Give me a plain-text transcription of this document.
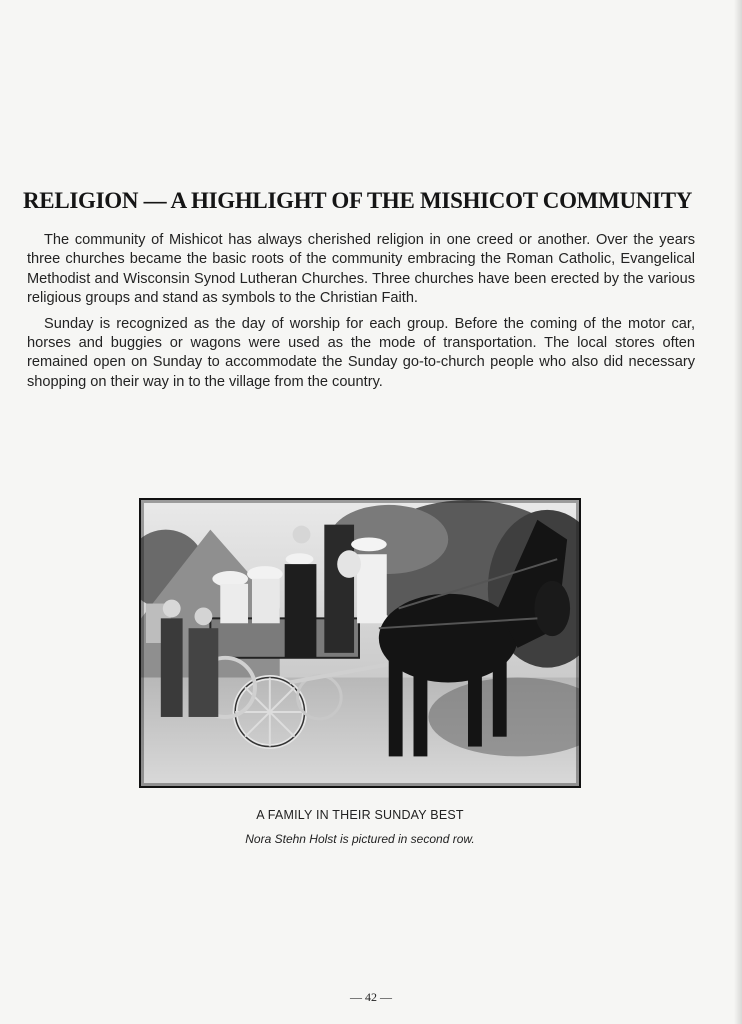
RELIGION — A HIGHLIGHT OF THE MISHICOT COMMUNITY

The community of Mishicot has always cherished religion in one creed or another. Over the years three churches became the basic roots of the community embracing the Roman Catholic, Evangelical Methodist and Wisconsin Synod Lutheran Churches. Three churches have been erected by the various religious groups and stand as symbols to the Christian Faith.

Sunday is recognized as the day of worship for each group. Before the coming of the motor car, horses and buggies or wagons were used as the mode of transportation. The local stores often remained open on Sunday to accommodate the Sunday go-to-church people who also did necessary shopping on their way in to the village from the country.

A FAMILY IN THEIR SUNDAY BEST
Nora Stehn Holst is pictured in second row.
— 42 —
